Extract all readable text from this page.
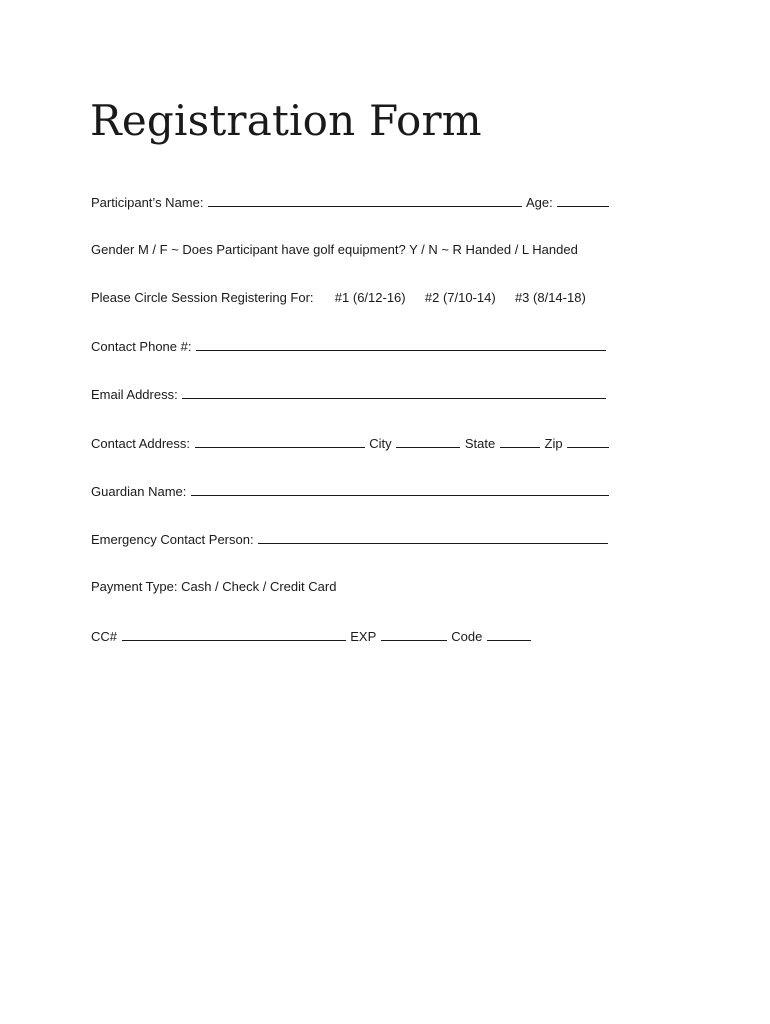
Registration Form
Participant’s Name:	Age:
Gender M / F ~ Does Participant have golf equipment? Y / N ~ R Handed / L Handed
Please Circle Session Registering For: #1 (6/12-16) #2 (7/10-14) #3 (8/14-18)
Contact Phone #:
Email Address:
Contact Address:	City	State	Zip
Guardian Name:
Emergency Contact Person:
Payment Type: Cash / Check / Credit Card
CC#	EXP	Code
